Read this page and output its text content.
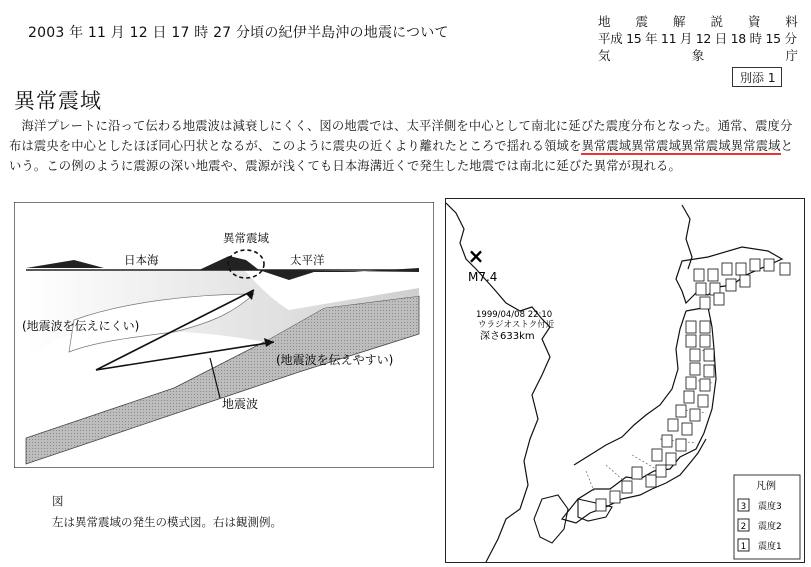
2003 年 11 月 12 日 17 時 27 分頃の紀伊半島沖の地震について
地 震 解 説 資 料
平成 15 年 11 月 12 日 18 時 15 分
気	象	庁
別添 1
異常震域
　海洋プレートに沿って伝わる地震波は減衰しにくく、図の地震では、太平洋側を中心として南北に延びた震度分布となった。通常、震度分布は震央を中心としたほぼ同心円状となるが、このように震央の近くより離れたところで揺れる領域を異常震域異常震域異常震域異常震域という。この例のように震源の深い地震や、震源が浅くても日本海溝近くで発生した地震では南北に延びた異常が現れる。
異常震域
日本海	太平洋
(地震波を伝えにくい)
(地震波を伝えやすい)
地震波
図
左は異常震域の発生の模式図。右は観測例。
×
M7.4
1999/04/08 22:10
ウラジオストク付近
深さ633km
凡例
3 震度3
2 震度2
1 震度1
